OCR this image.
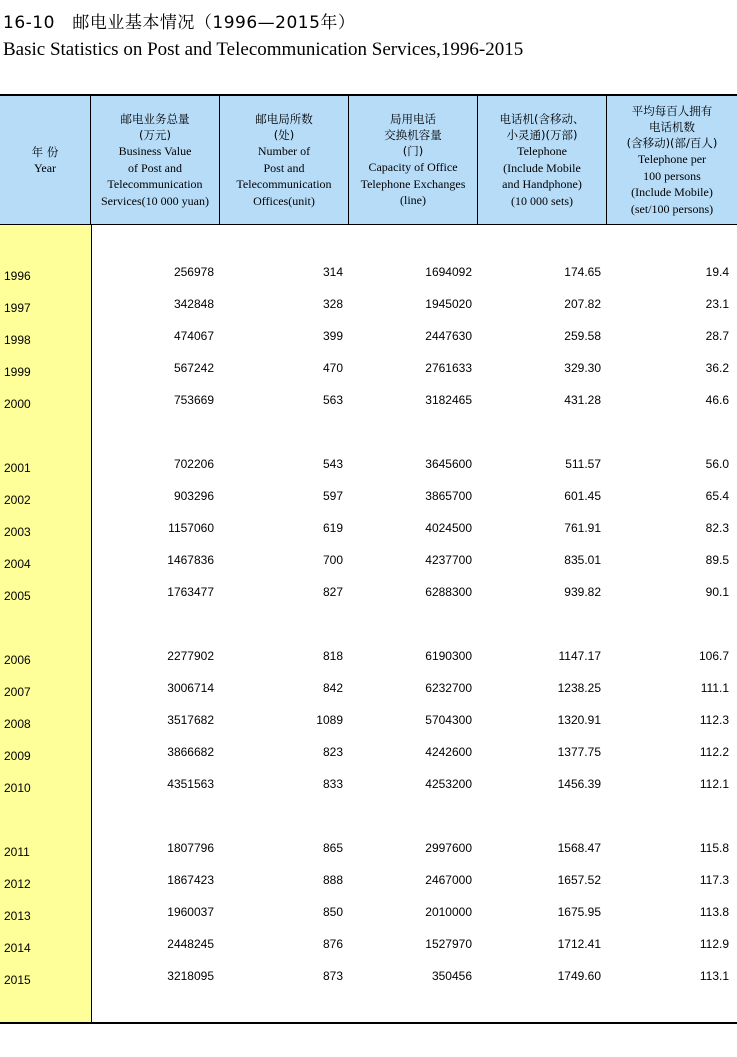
16-10　邮电业基本情况（1996—2015年）
Basic Statistics on Post and Telecommunication Services,1996-2015
年 份
Year
邮电业务总量
(万元)
Business Value
of Post and
Telecommunication
Services(10 000 yuan)
邮电局所数
(处)
Number of
Post and
Telecommunication
Offices(unit)
局用电话
交换机容量
(门)
Capacity of Office
Telephone Exchanges
(line)
电话机(含移动、
小灵通)(万部)
Telephone
(Include Mobile
and Handphone)
(10 000 sets)
平均每百人拥有
电话机数
(含移动)(部/百人)
Telephone per
100 persons
(Include Mobile)
(set/100 persons)
1996	256978	314	1694092	174.65	19.4
1997	342848	328	1945020	207.82	23.1
1998	474067	399	2447630	259.58	28.7
1999	567242	470	2761633	329.30	36.2
2000	753669	563	3182465	431.28	46.6
2001	702206	543	3645600	511.57	56.0
2002	903296	597	3865700	601.45	65.4
2003	1157060	619	4024500	761.91	82.3
2004	1467836	700	4237700	835.01	89.5
2005	1763477	827	6288300	939.82	90.1
2006	2277902	818	6190300	1147.17	106.7
2007	3006714	842	6232700	1238.25	111.1
2008	3517682	1089	5704300	1320.91	112.3
2009	3866682	823	4242600	1377.75	112.2
2010	4351563	833	4253200	1456.39	112.1
2011	1807796	865	2997600	1568.47	115.8
2012	1867423	888	2467000	1657.52	117.3
2013	1960037	850	2010000	1675.95	113.8
2014	2448245	876	1527970	1712.41	112.9
2015	3218095	873	350456	1749.60	113.1
